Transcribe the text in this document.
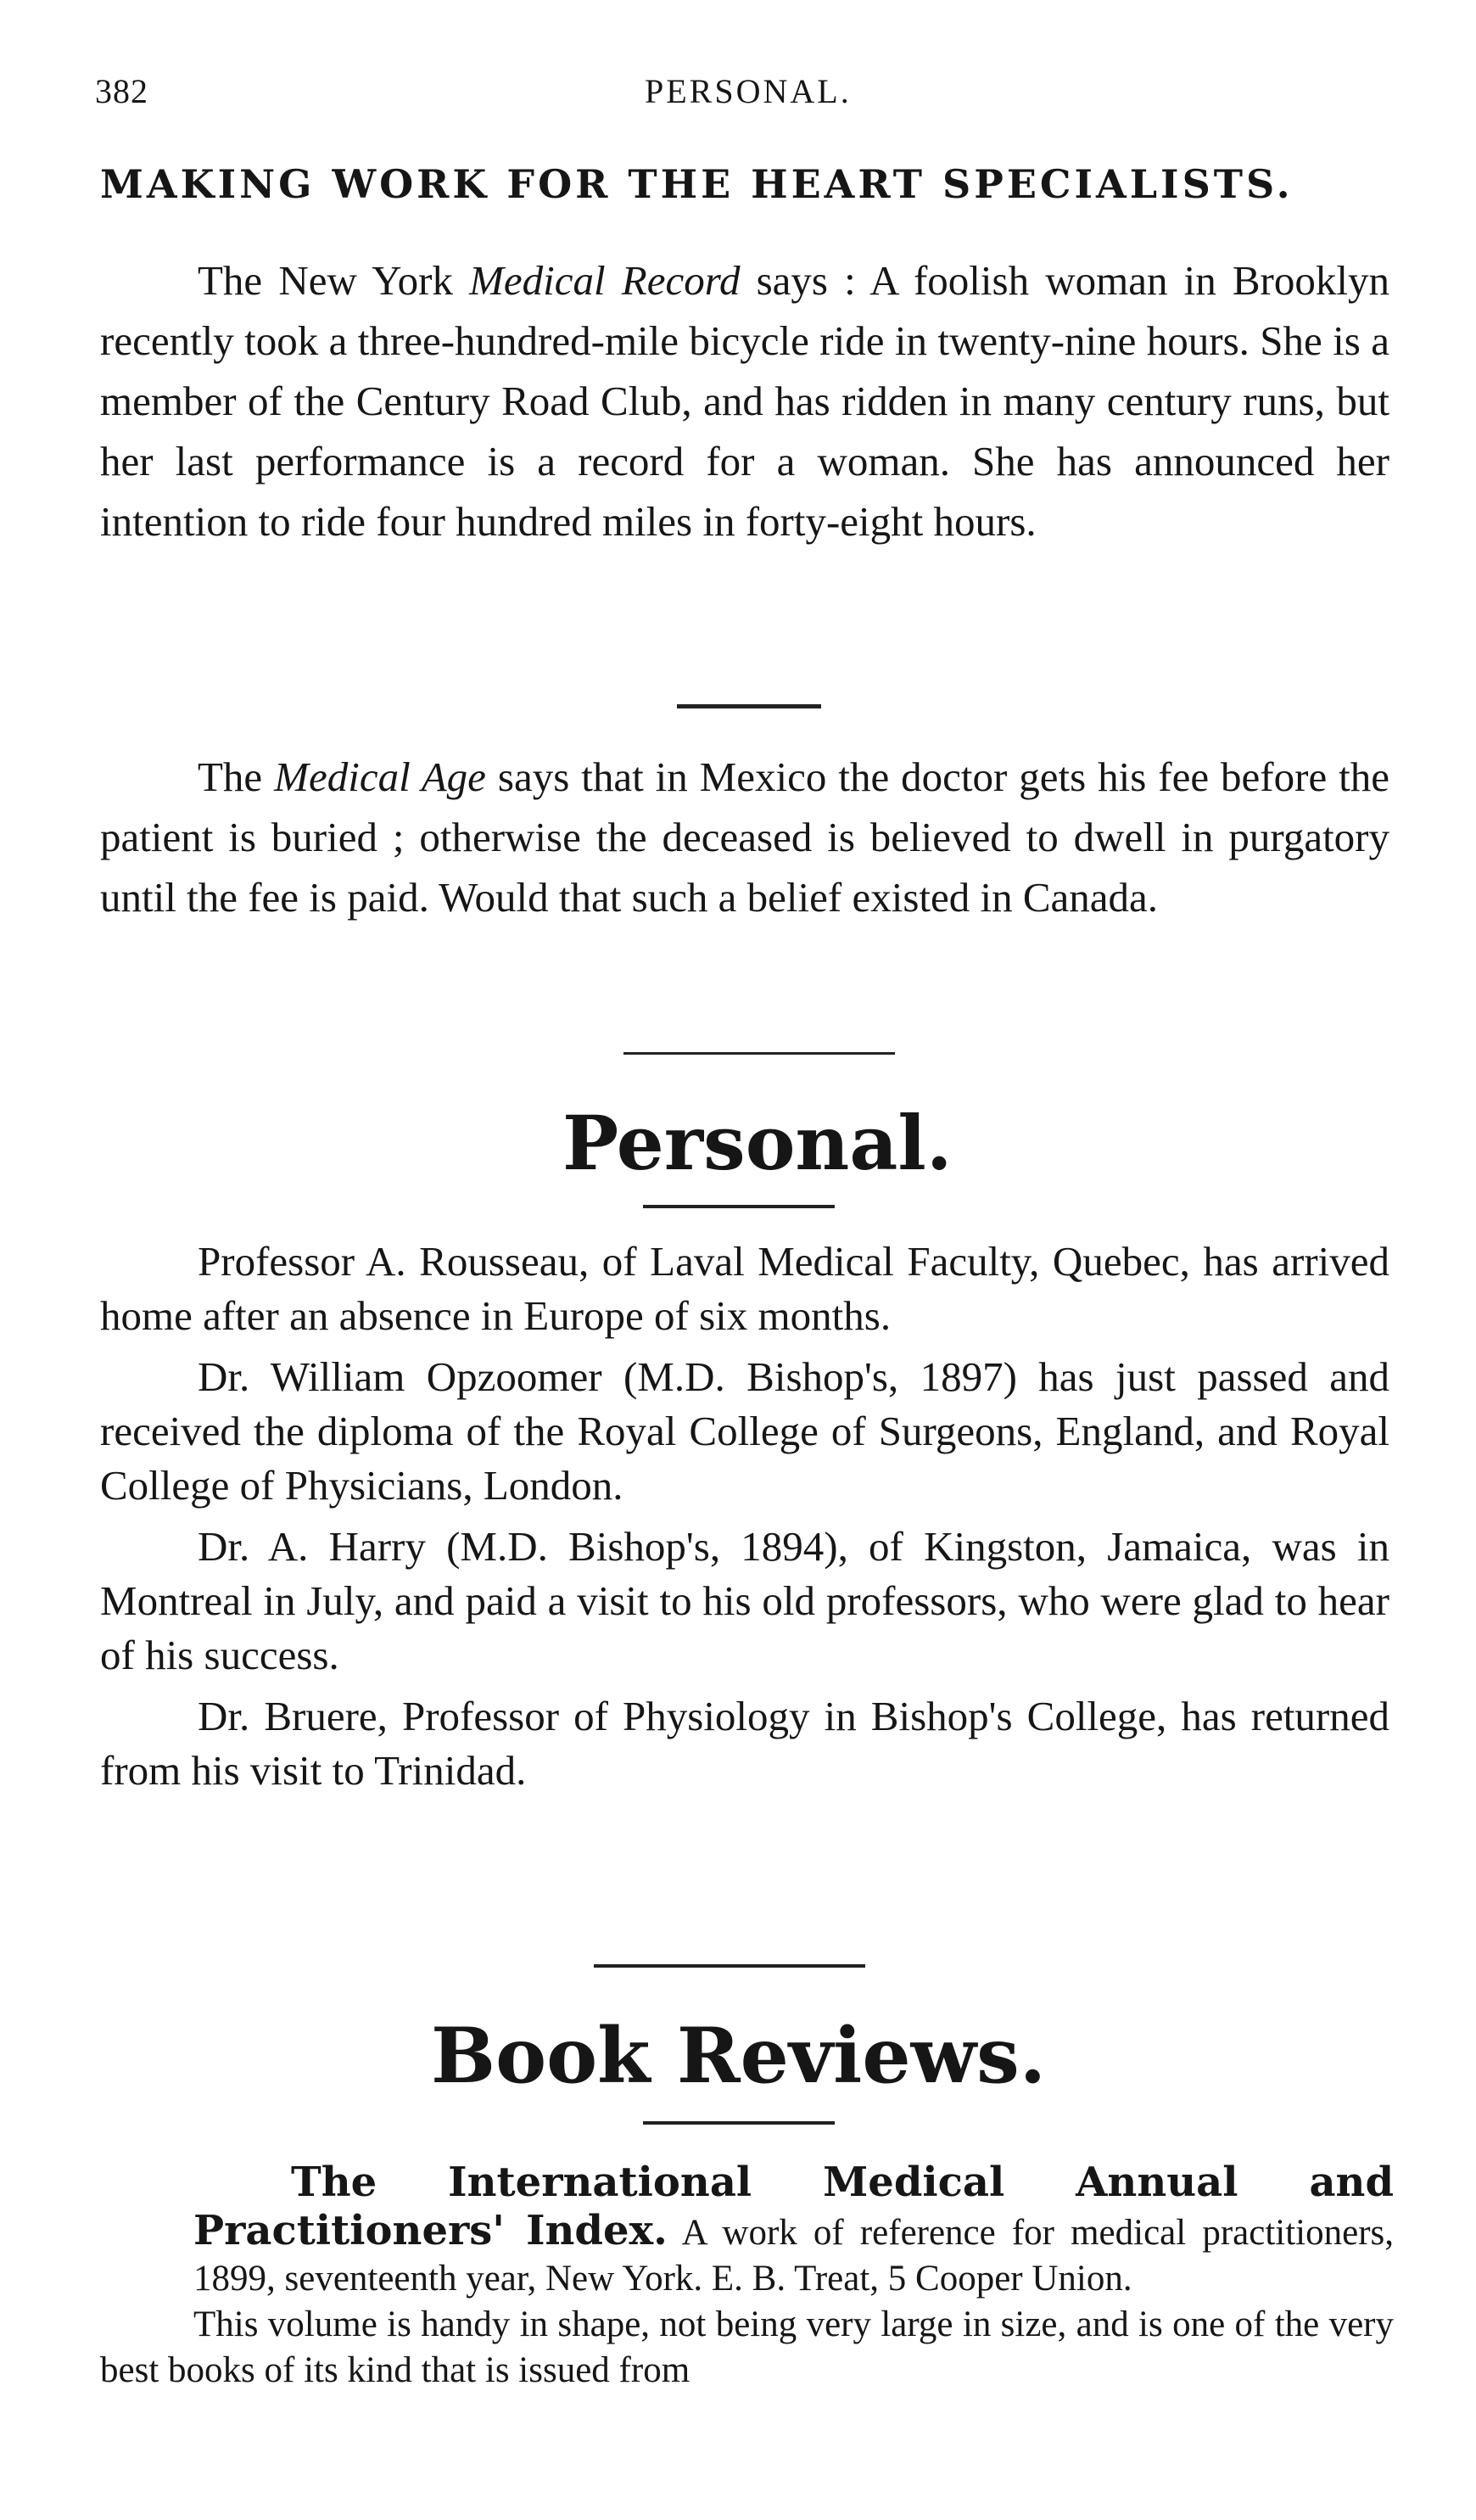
382	PERSONAL.
MAKING WORK FOR THE HEART SPECIALISTS.

The New York Medical Record says : A foolish woman in Brooklyn recently took a three-hundred-mile bicycle ride in twenty-nine hours. She is a member of the Century Road Club, and has ridden in many century runs, but her last performance is a record for a woman. She has announced her intention to ride four hundred miles in forty-eight hours.

The Medical Age says that in Mexico the doctor gets his fee before the patient is buried ; otherwise the deceased is believed to dwell in purgatory until the fee is paid. Would that such a belief existed in Canada.

Personal.

Professor A. Rousseau, of Laval Medical Faculty, Quebec, has arrived home after an absence in Europe of six months.

Dr. William Opzoomer (M.D. Bishop's, 1897) has just passed and received the diploma of the Royal College of Surgeons, England, and Royal College of Physicians, London.

Dr. A. Harry (M.D. Bishop's, 1894), of Kingston, Jamaica, was in Montreal in July, and paid a visit to his old professors, who were glad to hear of his success.

Dr. Bruere, Professor of Physiology in Bishop's College, has returned from his visit to Trinidad.

Book Reviews.

The International Medical Annual and Practitioners' Index. A work of reference for medical practitioners, 1899, seventeenth year, New York. E. B. Treat, 5 Cooper Union.

This volume is handy in shape, not being very large in size, and is one of the very best books of its kind that is issued from
